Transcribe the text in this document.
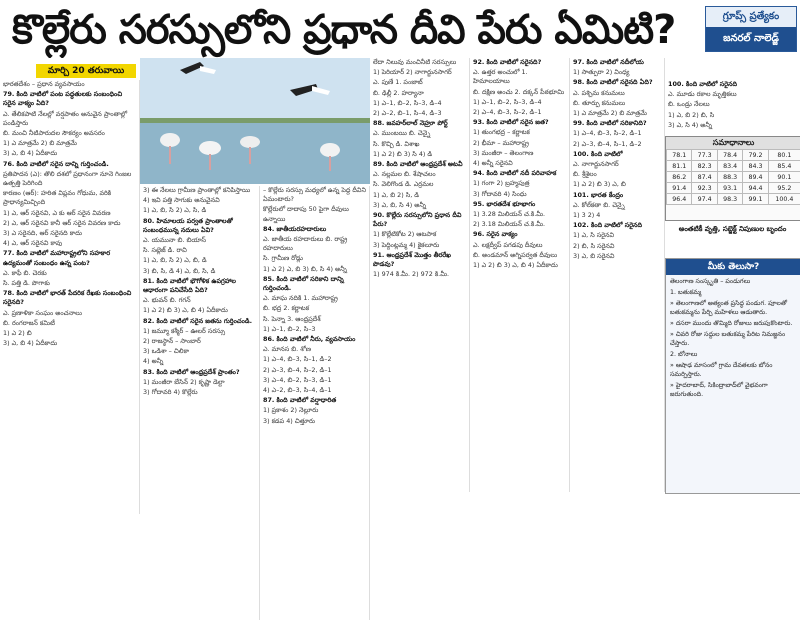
కొల్లేరు సరస్సులోని ప్రధాన దీవి పేరు ఏమిటి?	గ్రూప్స్ ప్రత్యేకం
జనరల్ నాలెడ్జ్
మార్చి 20 తరువాయి

భారతదేశం – ప్రధాన వ్యవసాయం

79. కింది వాటిలో పంట పద్ధతులకు సంబంధించి సరైన వాక్యం ఏది?

ఎ. తేలికపాటి నేలల్లో వర్షపాతం అనువైన ప్రాంతాల్లో పండిస్తారు

బి. మంచి నీటిపారుదల సౌకర్యం అవసరం

1) ఎ మాత్రమే 2) బి మాత్రమే

3) ఎ, బి 4) ఏదీకాదు

76. కింది వాటిలో సరైన దాన్ని గుర్తించండి.

ప్రతిపాదన (ఎ): తొలి దశలో ప్రధానంగా నూనె గింజల ఉత్పత్తి పెరిగింది

కారణం (ఆర్): హరిత విప్లవం గోధుమ, వరికి ప్రాధాన్యమిచ్చింది

1) ఎ, ఆర్ సరైనవి, ఎ కు ఆర్ సరైన వివరణ

2) ఎ, ఆర్ సరైనవి కానీ ఆర్ సరైన వివరణ కాదు

3) ఎ సరైనది, ఆర్ సరైనది కాదు

4) ఎ, ఆర్ సరైనవి కావు

77. కింది వాటిలో మహారాష్ట్రలోని సహకార ఉద్యమంతో సంబంధం ఉన్న పంట?

ఎ. కాఫీ బి. చెరకు

సి. పత్తి డి. పొగాకు

78. కింది వాటిలో భారత్ పేదరిక రేఖకు సంబంధించి సరైనది?

ఎ. ప్రణాళికా సంఘం అంచనాలు

బి. రంగరాజన్ కమిటీ

1) ఎ 2) బి

3) ఎ, బి 4) ఏదీకాదు

3) ఈ నేలలు గ్రామీణ ప్రాంతాల్లో కనిపిస్తాయి

4) ఇవి పత్తి సాగుకు అనువైనవి

1) ఎ, బి, సి 2) ఎ, సి, డి

80. హిమాలయ పర్వత ప్రాంతాలతో సంబంధమున్న నదులు ఏవి?

ఎ. యమునా బి. బియాస్

సి. సట్లెజ్ డి. రావి

1) ఎ, బి, సి 2) ఎ, బి, డి

3) బి, సి, డి 4) ఎ, బి, సి, డి

81. కింది వాటిలో భౌగోళిక ఉపగ్రహాల ఆధారంగా పనిచేసేది ఏది?

ఎ. భువన్ బి. గగన్

1) ఎ 2) బి 3) ఎ, బి 4) ఏదీకాదు

82. కింది వాటిలో సరైన జతను గుర్తించండి.

1) జమ్మూ కశ్మీర్ – ఊలర్ సరస్సు

2) రాజస్థాన్ – సాంబార్

3) ఒడిశా – చిలికా

4) అన్నీ

83. కింది వాటిలో ఆంధ్రప్రదేశ్ ప్రాంతం?

1) మంజీరా బేసిన్ 2) కృష్ణా డెల్టా

3) గోదావరి 4) కొల్లేరు

– కొల్లేరు సరస్సు మధ్యలో ఉన్న పెద్ద దీవిని ఏమంటారు?

కొల్లేరులో దాదాపు 50 పైగా దీవులు ఉన్నాయి

84. జాతీయరహదారులు

ఎ. జాతీయ రహదారులు బి. రాష్ట్ర రహదారులు

సి. గ్రామీణ రోడ్లు

1) ఎ 2) ఎ, బి 3) బి, సి 4) అన్నీ

85. కింది వాటిలో సరికాని దాన్ని గుర్తించండి.

ఎ. మాఘ నదికి 1. మహారాష్ట్ర

బి. భద్ర 2. కర్ణాటక

సి. పెన్నా 3. ఆంధ్రప్రదేశ్

1) ఎ–1, బి–2, సి–3

86. కింది వాటిలో నీరు, వ్యవసాయం

ఎ. మానస బి. శోణ

1) ఎ–4, బి–3, సి–1, డి–2

2) ఎ–3, బి–4, సి–2, డి–1

3) ఎ–4, బి–2, సి–3, డి–1

4) ఎ–2, బి–3, సి–4, డి–1

87. కింది వాటిలో వర్షాధారిత

1) ప్రకాశం 2) నెల్లూరు

3) కడప 4) చిత్తూరు

లేదా నిలువు మంచినీటి సరస్సులు

1) పెరియార్ 2) నాగార్జునసాగర్

ఎ. పుణే 1. పంజాబ్

బి. ఢిల్లీ 2. హర్యానా

1) ఎ–1, బి–2, సి–3, డి–4

2) ఎ–2, బి–1, సి–4, డి–3

88. జవహర్‌లాల్ నెహ్రూ పోర్ట్

ఎ. ముంబయి బి. చెన్నై

సి. కొచ్చి డి. విశాఖ

1) ఎ 2) బి 3) సి 4) డి

89. కింది వాటిలో ఆంధ్రప్రదేశ్ అటవీ

ఎ. నల్లమల బి. శేషాచలం

సి. వెలిగొండ డి. ఎర్రమల

1) ఎ, బి 2) సి, డి

3) ఎ, బి, సి 4) అన్నీ

90. కొల్లేరు సరస్సులోని ప్రధాన దీవి పేరు?

1) కొల్లేటికోట 2) ఆటపాక

3) పెద్దింట్లమ్మ 4) కైకలూరు

91. ఆంధ్రప్రదేశ్ మొత్తం తీరరేఖ పొడవు?

1) 974 కి.మీ. 2) 972 కి.మీ.

92. కింది వాటిలో సరైనది?

ఎ. ఉత్తర అంచులో 1. హిమాలయాలు

బి. దక్షిణ అంచు 2. దక్కన్ పీఠభూమి

1) ఎ–1, బి–2, సి–3, డి–4

2) ఎ–4, బి–3, సి–2, డి–1

93. కింది వాటిలో సరైన జత?

1) తుంగభద్ర – కర్ణాటక

2) భీమా – మహారాష్ట్ర

3) మంజీరా – తెలంగాణ

4) అన్నీ సరైనవి

94. కింది వాటిలో నదీ పరివాహక

1) గంగా 2) బ్రహ్మపుత్ర

3) గోదావరి 4) సింధు

95. భారతదేశ భూభాగం

1) 3.28 మిలియన్ చ.కి.మీ.

2) 3.18 మిలియన్ చ.కి.మీ.

96. సరైన వాక్యం

ఎ. లక్షద్వీప్ పగడపు దీవులు

బి. అండమాన్ అగ్నిపర్వత దీవులు

1) ఎ 2) బి 3) ఎ, బి 4) ఏదీకాదు

97. కింది వాటిలో నదీలోయ

1) సాత్పురా 2) వింధ్య

98. కింది వాటిలో సరైనది ఏది?

ఎ. పశ్చిమ కనుమలు

బి. తూర్పు కనుమలు

1) ఎ మాత్రమే 2) బి మాత్రమే

99. కింది వాటిలో సరికానిది?

1) ఎ–4, బి–3, సి–2, డి–1

2) ఎ–3, బి–4, సి–1, డి–2

100. కింది వాటిలో

ఎ. నాగార్జునసాగర్

బి. శ్రీశైలం

1) ఎ 2) బి 3) ఎ, బి

101. భారత కేంద్రం

ఎ. కోల్‌కతా బి. చెన్నై

1) 3 2) 4

102. కింది వాటిలో సరైనది

1) ఎ, సి సరైనవి

2) బి, సి సరైనవి

3) ఎ, బి సరైనవి

100. కింది వాటిలో సరైనది

ఎ. మూడు రకాల మృత్తికలు

బి. ఒండ్రు నేలలు

1) ఎ, బి 2) బి, సి

3) ఎ, సి 4) అన్నీ

సమాధానాలు
78.1	77.3	78.4	79.2	80.1
81.1	82.3	83.4	84.3	85.4
86.2	87.4	88.3	89.4	90.1
91.4	92.3	93.1	94.4	95.2
96.4	97.4	98.3	99.1	100.4
అంతటికీ వృత్తి, సబ్జెక్ట్ నిపుణుల బృందం
మీకు తెలుసా?

తెలంగాణ సంస్కృతి – పండుగలు

1. బతుకమ్మ

» తెలంగాణలో అత్యంత ప్రసిద్ధ పండుగ. పూలతో బతుకమ్మను పేర్చి మహిళలు ఆడుతారు.

» దసరా ముందు తొమ్మిది రోజులు జరుపుకొంటారు.

» చివరి రోజు సద్దుల బతుకమ్మ పేరిట నిమజ్జనం చేస్తారు.

2. బోనాలు

» ఆషాఢ మాసంలో గ్రామ దేవతలకు బోనం సమర్పిస్తారు.

» హైదరాబాద్, సికింద్రాబాద్‌లో వైభవంగా జరుగుతుంది.
